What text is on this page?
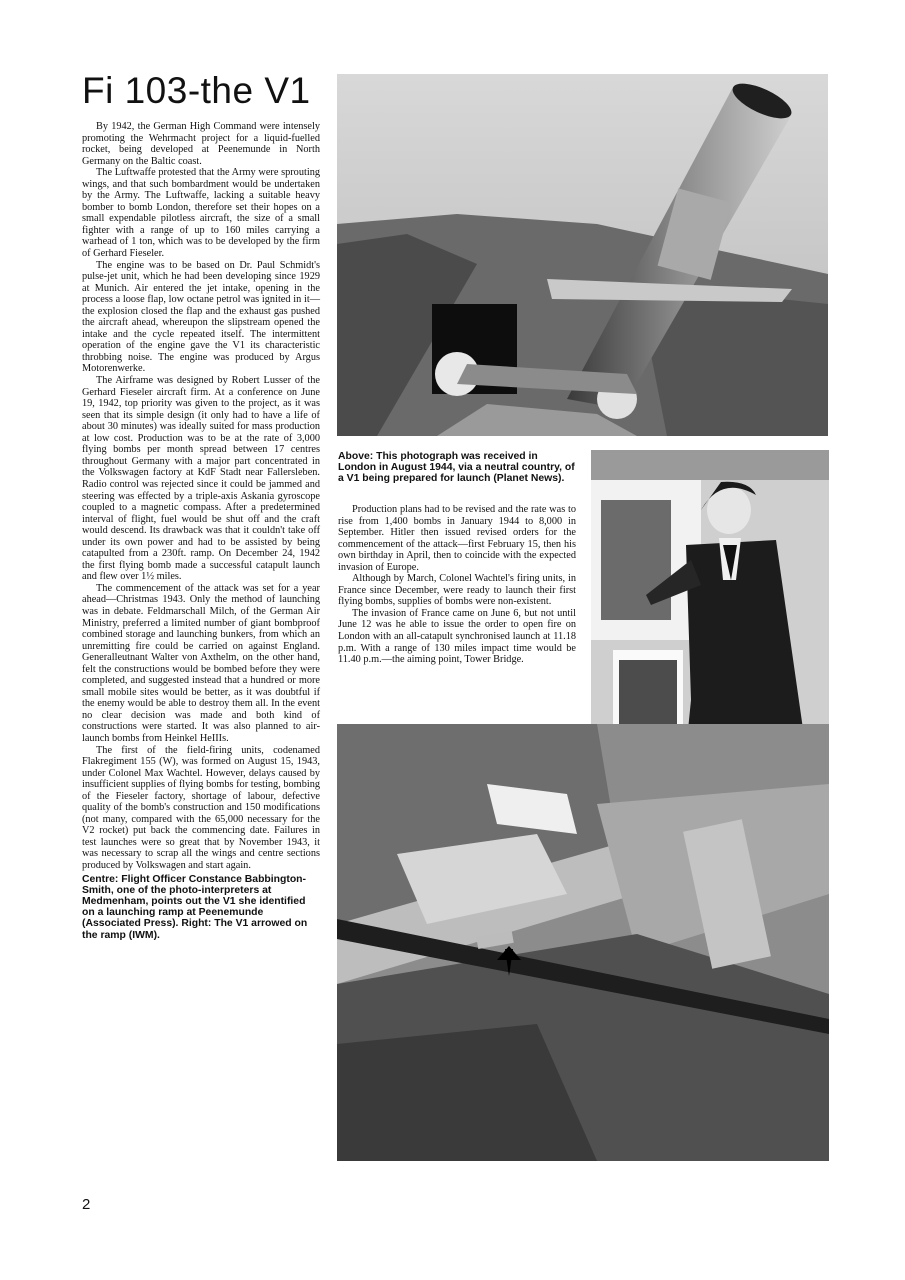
Fi 103-the V1

By 1942, the German High Command were intensely promoting the Wehrmacht project for a liquid-fuelled rocket, being developed at Peenemunde in North Germany on the Baltic coast.

The Luftwaffe protested that the Army were sprouting wings, and that such bombardment would be undertaken by the Army. The Luftwaffe, lacking a suitable heavy bomber to bomb London, therefore set their hopes on a small expendable pilotless aircraft, the size of a small fighter with a range of up to 160 miles carrying a warhead of 1 ton, which was to be developed by the firm of Gerhard Fieseler.

The engine was to be based on Dr. Paul Schmidt's pulse-jet unit, which he had been developing since 1929 at Munich. Air entered the jet intake, opening in the process a loose flap, low octane petrol was ignited in it—the explosion closed the flap and the exhaust gas pushed the aircraft ahead, whereupon the slipstream opened the intake and the cycle repeated itself. The intermittent operation of the engine gave the V1 its characteristic throbbing noise. The engine was produced by Argus Motorenwerke.

The Airframe was designed by Robert Lusser of the Gerhard Fieseler aircraft firm. At a conference on June 19, 1942, top priority was given to the project, as it was seen that its simple design (it only had to have a life of about 30 minutes) was ideally suited for mass production at low cost. Production was to be at the rate of 3,000 flying bombs per month spread between 17 centres throughout Germany with a major part concentrated in the Volkswagen factory at KdF Stadt near Fallersleben. Radio control was rejected since it could be jammed and steering was effected by a triple-axis Askania gyroscope coupled to a magnetic compass. After a predetermined interval of flight, fuel would be shut off and the craft would descend. Its drawback was that it couldn't take off under its own power and had to be assisted by being catapulted from a 230ft. ramp. On December 24, 1942 the first flying bomb made a successful catapult launch and flew over 1½ miles.

The commencement of the attack was set for a year ahead—Christmas 1943. Only the method of launching was in debate. Feldmarschall Milch, of the German Air Ministry, preferred a limited number of giant bombproof combined storage and launching bunkers, from which an unremitting fire could be carried on against England. Generalleutnant Walter von Axthelm, on the other hand, felt the constructions would be bombed before they were completed, and suggested instead that a hundred or more small mobile sites would be better, as it was doubtful if the enemy would be able to destroy them all. In the event no clear decision was made and both kind of constructions were started. It was also planned to air-launch bombs from Heinkel HeIIIs.

The first of the field-firing units, codenamed Flakregiment 155 (W), was formed on August 15, 1943, under Colonel Max Wachtel. However, delays caused by insufficient supplies of flying bombs for testing, bombing of the Fieseler factory, shortage of labour, defective quality of the bomb's construction and 150 modifications (not many, compared with the 65,000 necessary for the V2 rocket) put back the commencing date. Failures in test launches were so great that by November 1943, it was necessary to scrap all the wings and centre sections produced by Volkswagen and start again.

Centre: Flight Officer Constance Babbington-Smith, one of the photo-interpreters at Medmenham, points out the V1 she identified on a launching ramp at Peenemunde (Associated Press). Right: The V1 arrowed on the ramp (IWM).

Above: This photograph was received in London in August 1944, via a neutral country, of a V1 being prepared for launch (Planet News).

Production plans had to be revised and the rate was to rise from 1,400 bombs in January 1944 to 8,000 in September. Hitler then issued revised orders for the commencement of the attack—first February 15, then his own birthday in April, then to coincide with the expected invasion of Europe.

Although by March, Colonel Wachtel's firing units, in France since December, were ready to launch their first flying bombs, supplies of bombs were non-existent.

The invasion of France came on June 6, but not until June 12 was he able to issue the order to open fire on London with an all-catapult synchronised launch at 11.18 p.m. With a range of 130 miles impact time would be 11.40 p.m.—the aiming point, Tower Bridge.

2
